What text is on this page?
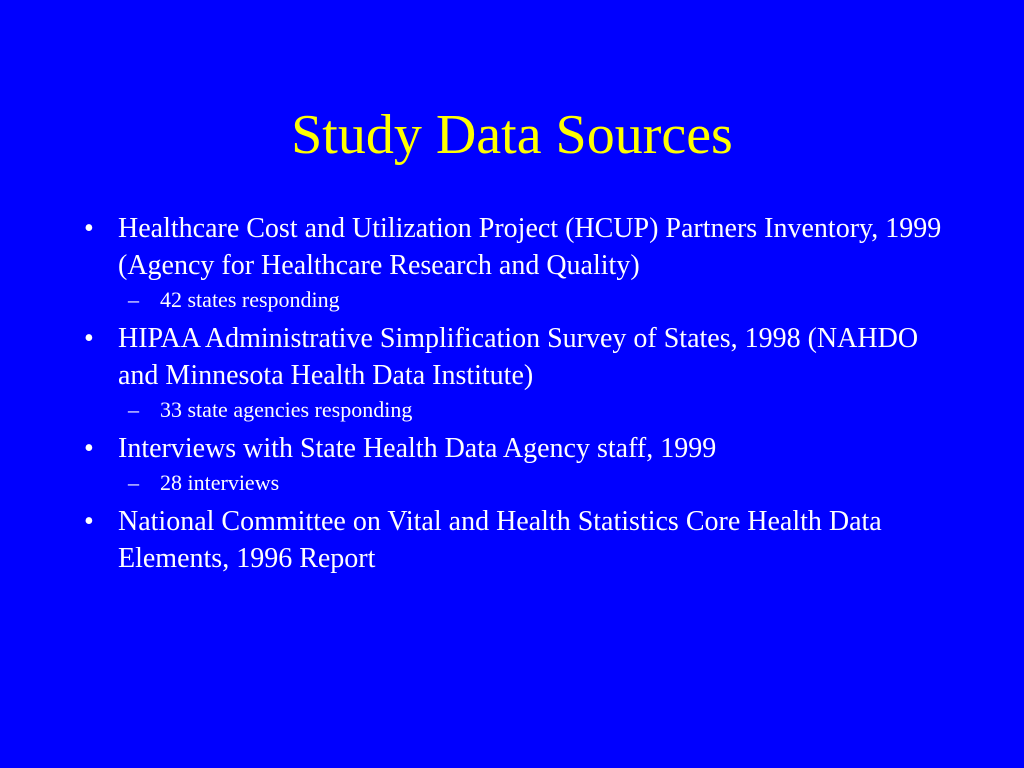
Study Data Sources
• Healthcare Cost and Utilization Project (HCUP) Partners Inventory, 1999 (Agency for Healthcare Research and Quality)
– 42 states responding
• HIPAA Administrative Simplification Survey of States, 1998 (NAHDO and Minnesota Health Data Institute)
– 33 state agencies responding
• Interviews with State Health Data Agency staff, 1999
– 28 interviews
• National Committee on Vital and Health Statistics Core Health Data Elements, 1996 Report
